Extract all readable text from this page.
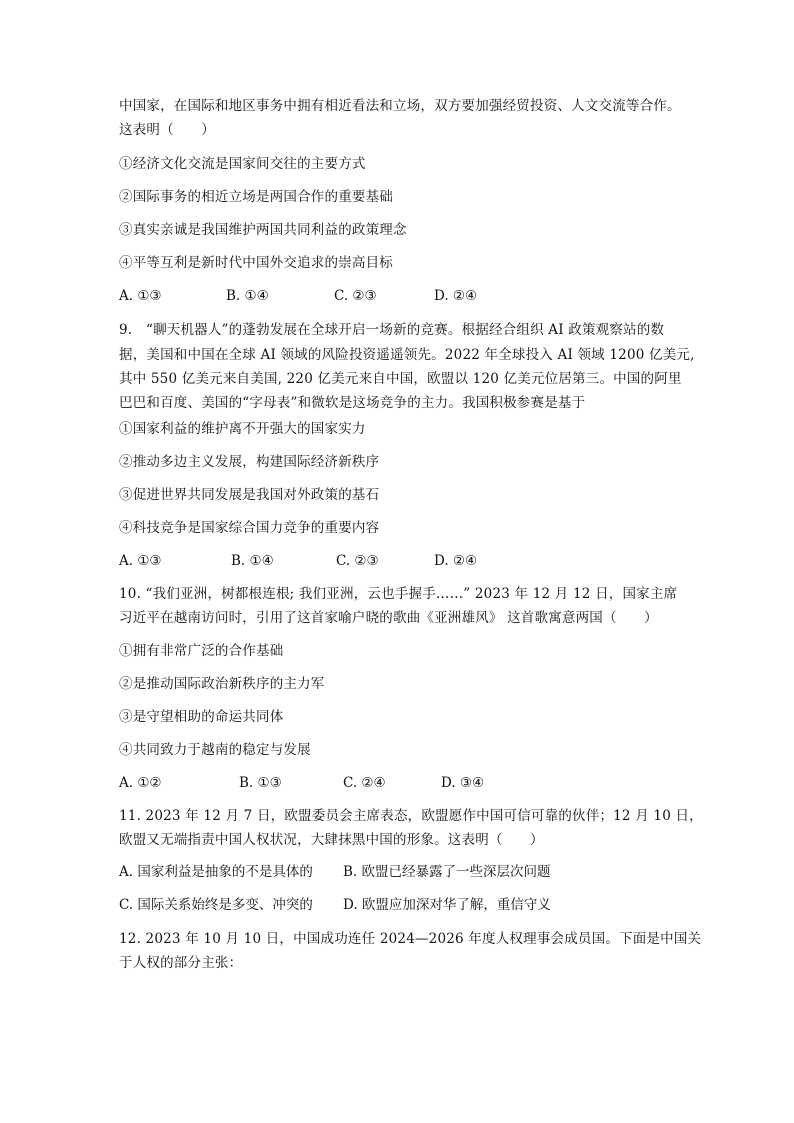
中国家，在国际和地区事务中拥有相近看法和立场，双方要加强经贸投资、人文交流等合作。
这表明（　　）
①经济文化交流是国家间交往的主要方式
②国际事务的相近立场是两国合作的重要基础
③真实亲诚是我国维护两国共同利益的政策理念
④平等互利是新时代中国外交追求的崇高目标
A. ①③	B. ①④	C. ②③	D. ②④
9.　“聊天机器人”的蓬勃发展在全球开启一场新的竞赛。根据经合组织 AI 政策观察站的数
据，美国和中国在全球 AI 领域的风险投资遥遥领先。2022 年全球投入 AI 领域 1200 亿美元,
其中 550 亿美元来自美国, 220 亿美元来自中国，欧盟以 120 亿美元位居第三。中国的阿里
巴巴和百度、美国的“字母表”和微软是这场竞争的主力。我国积极参赛是基于
①国家利益的维护离不开强大的国家实力
②推动多边主义发展，构建国际经济新秩序
③促进世界共同发展是我国对外政策的基石
④科技竞争是国家综合国力竞争的重要内容
A. ①③	B. ①④	C. ②③	D. ②④
10. “我们亚洲，树都根连根; 我们亚洲，云也手握手……” 2023 年 12 月 12 日，国家主席
习近平在越南访问时，引用了这首家喻户晓的歌曲《亚洲雄风》 这首歌寓意两国（　　）
①拥有非常广泛的合作基础
②是推动国际政治新秩序的主力军
③是守望相助的命运共同体
④共同致力于越南的稳定与发展
A. ①②	B. ①③	C. ②④	D. ③④
11. 2023 年 12 月 7 日，欧盟委员会主席表态，欧盟愿作中国可信可靠的伙伴；12 月 10 日，
欧盟又无端指责中国人权状况，大肆抹黑中国的形象。这表明（　　）
A. 国家利益是抽象的不是具体的 B. 欧盟已经暴露了一些深层次问题
C. 国际关系始终是多变、冲突的 D. 欧盟应加深对华了解，重信守义
12. 2023 年 10 月 10 日，中国成功连任 2024—2026 年度人权理事会成员国。下面是中国关
于人权的部分主张：
